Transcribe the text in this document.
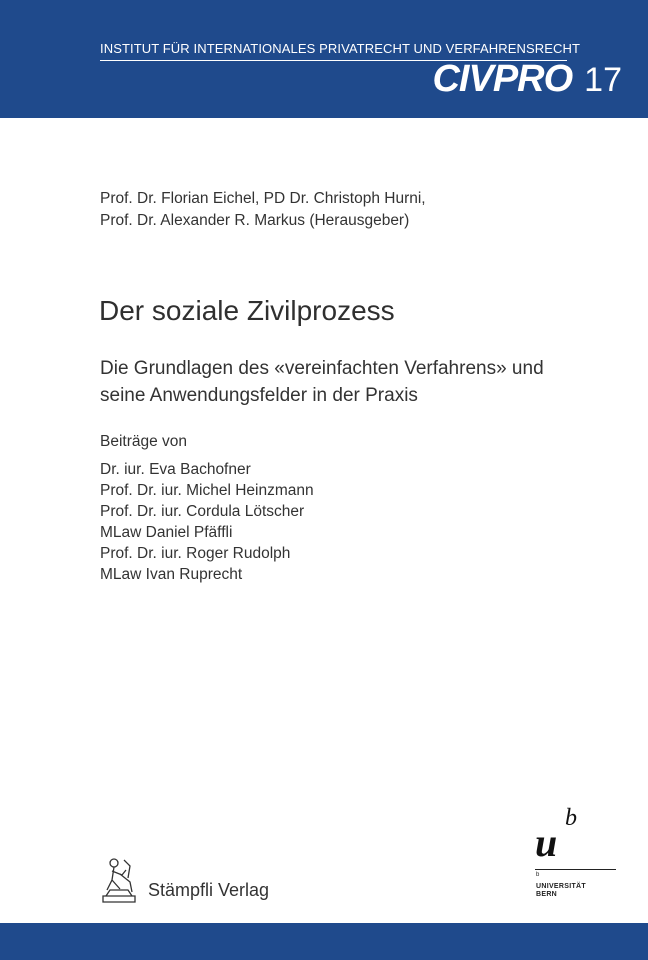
INSTITUT FÜR INTERNATIONALES PRIVATRECHT UND VERFAHRENSRECHT
CIVPRO 17
Prof. Dr. Florian Eichel, PD Dr. Christoph Hurni,
Prof. Dr. Alexander R. Markus (Herausgeber)
Der soziale Zivilprozess
Die Grundlagen des «vereinfachten Verfahrens» und
seine Anwendungsfelder in der Praxis
Beiträge von
Dr. iur. Eva Bachofner
Prof. Dr. iur. Michel Heinzmann
Prof. Dr. iur. Cordula Lötscher
MLaw Daniel Pfäffli
Prof. Dr. iur. Roger Rudolph
MLaw Ivan Ruprecht
Stämpfli Verlag
u
b
b
UNIVERSITÄT
BERN
